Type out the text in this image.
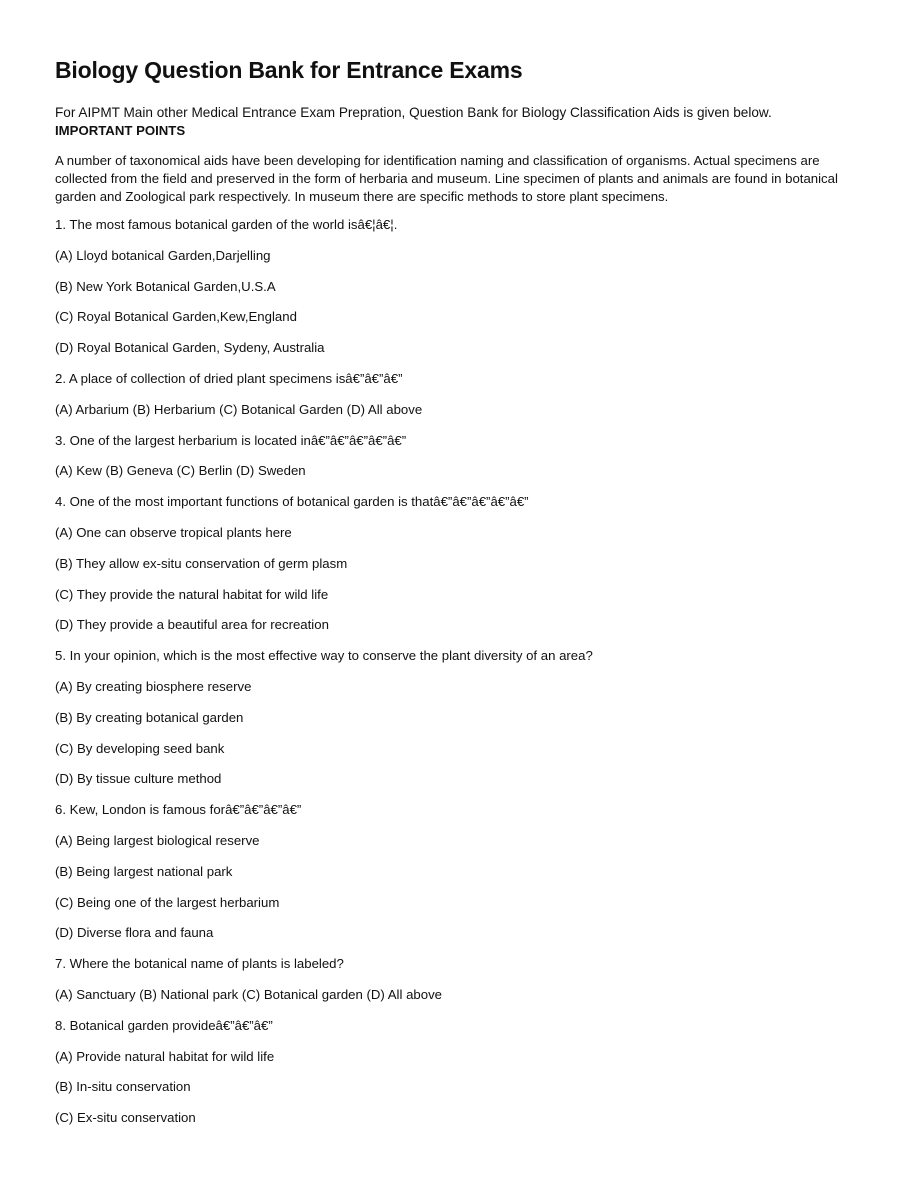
Biology Question Bank for Entrance Exams
For AIPMT Main other Medical Entrance Exam Prepration, Question Bank for Biology Classification Aids is given below.
IMPORTANT POINTS
A number of taxonomical aids have been developing for identification naming and classification of organisms. Actual specimens are collected from the field and preserved in the form of herbaria and museum. Line specimen of plants and animals are found in botanical garden and Zoological park respectively. In museum there are specific methods to store plant specimens.
1. The most famous botanical garden of the world isâ€¦â€¦.
(A) Lloyd botanical Garden,Darjelling
(B) New York Botanical Garden,U.S.A
(C) Royal Botanical Garden,Kew,England
(D) Royal Botanical Garden, Sydeny, Australia
2. A place of collection of dried plant specimens isâ€”â€”â€”
(A) Arbarium (B) Herbarium (C) Botanical Garden (D) All above
3. One of the largest herbarium is located inâ€”â€”â€”â€”â€”
(A) Kew (B) Geneva (C) Berlin (D) Sweden
4. One of the most important functions of botanical garden is thatâ€”â€”â€”â€”â€”
(A) One can observe tropical plants here
(B) They allow ex-situ conservation of germ plasm
(C) They provide the natural habitat for wild life
(D) They provide a beautiful area for recreation
5. In your opinion, which is the most effective way to conserve the plant diversity of an area?
(A) By creating biosphere reserve
(B) By creating botanical garden
(C) By developing seed bank
(D) By tissue culture method
6. Kew, London is famous forâ€”â€”â€”â€”
(A) Being largest biological reserve
(B) Being largest national park
(C) Being one of the largest herbarium
(D) Diverse flora and fauna
7. Where the botanical name of plants is labeled?
(A) Sanctuary (B) National park (C) Botanical garden (D) All above
8. Botanical garden provideâ€”â€”â€”
(A) Provide natural habitat for wild life
(B) In-situ conservation
(C) Ex-situ conservation
